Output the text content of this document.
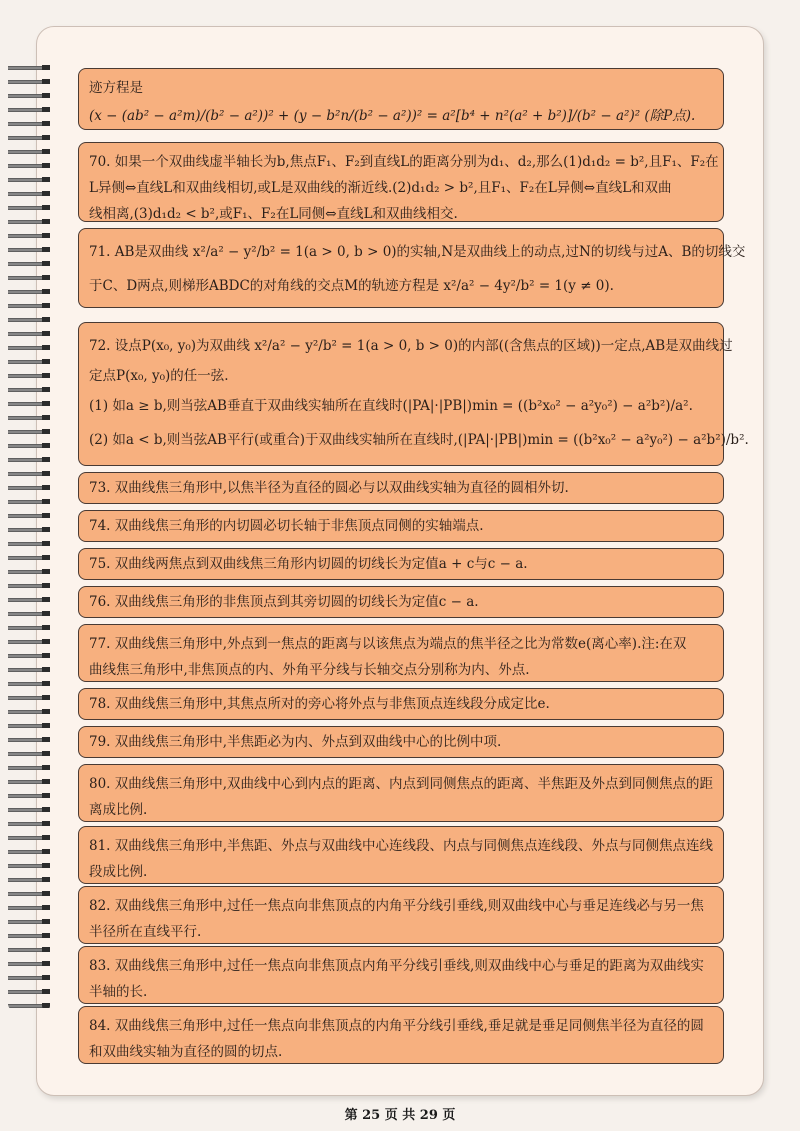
迹方程是
(x − (ab² − a²m)/(b² − a²))² + (y − b²n/(b² − a²))² = a²[b⁴ + n²(a² + b²)]/(b² − a²)² (除P点).
70. 如果一个双曲线虚半轴长为b,焦点F₁、F₂到直线L的距离分别为d₁、d₂,那么(1)d₁d₂ = b²,且F₁、F₂在
L异侧⇔直线L和双曲线相切,或L是双曲线的渐近线.(2)d₁d₂ > b²,且F₁、F₂在L异侧⇔直线L和双曲
线相离,(3)d₁d₂ < b²,或F₁、F₂在L同侧⇔直线L和双曲线相交.
71. AB是双曲线 x²/a² − y²/b² = 1(a > 0, b > 0)的实轴,N是双曲线上的动点,过N的切线与过A、B的切线交
于C、D两点,则梯形ABDC的对角线的交点M的轨迹方程是 x²/a² − 4y²/b² = 1(y ≠ 0).
72. 设点P(x₀, y₀)为双曲线 x²/a² − y²/b² = 1(a > 0, b > 0)的内部((含焦点的区域))一定点,AB是双曲线过
定点P(x₀, y₀)的任一弦.
(1) 如a ≥ b,则当弦AB垂直于双曲线实轴所在直线时(|PA|·|PB|)min = ((b²x₀² − a²y₀²) − a²b²)/a².
(2) 如a < b,则当弦AB平行(或重合)于双曲线实轴所在直线时,(|PA|·|PB|)min = ((b²x₀² − a²y₀²) − a²b²)/b².
73. 双曲线焦三角形中,以焦半径为直径的圆必与以双曲线实轴为直径的圆相外切.
74. 双曲线焦三角形的内切圆必切长轴于非焦顶点同侧的实轴端点.
75. 双曲线两焦点到双曲线焦三角形内切圆的切线长为定值a + c与c − a.
76. 双曲线焦三角形的非焦顶点到其旁切圆的切线长为定值c − a.
77. 双曲线焦三角形中,外点到一焦点的距离与以该焦点为端点的焦半径之比为常数e(离心率).注:在双
曲线焦三角形中,非焦顶点的内、外角平分线与长轴交点分别称为内、外点.
78. 双曲线焦三角形中,其焦点所对的旁心将外点与非焦顶点连线段分成定比e.
79. 双曲线焦三角形中,半焦距必为内、外点到双曲线中心的比例中项.
80. 双曲线焦三角形中,双曲线中心到内点的距离、内点到同侧焦点的距离、半焦距及外点到同侧焦点的距
离成比例.
81. 双曲线焦三角形中,半焦距、外点与双曲线中心连线段、内点与同侧焦点连线段、外点与同侧焦点连线
段成比例.
82. 双曲线焦三角形中,过任一焦点向非焦顶点的内角平分线引垂线,则双曲线中心与垂足连线必与另一焦
半径所在直线平行.
83. 双曲线焦三角形中,过任一焦点向非焦顶点内角平分线引垂线,则双曲线中心与垂足的距离为双曲线实
半轴的长.
84. 双曲线焦三角形中,过任一焦点向非焦顶点的内角平分线引垂线,垂足就是垂足同侧焦半径为直径的圆
和双曲线实轴为直径的圆的切点.
第 25 页 共 29 页
